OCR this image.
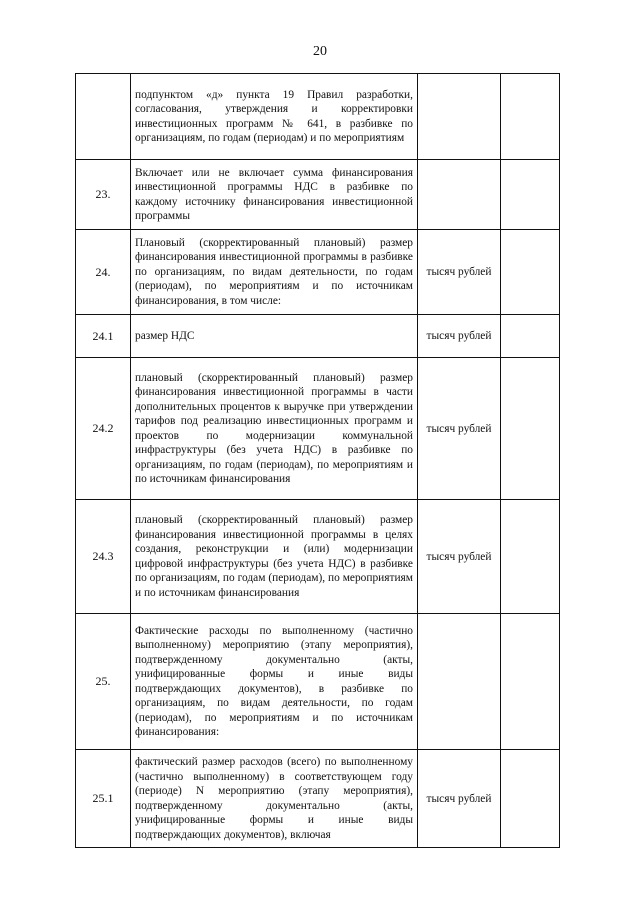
20
	подпунктом «д» пункта 19 Правил разработки, согласования, утверждения и корректировки инвестиционных программ № 641, в разбивке по организациям, по годам (периодам) и по мероприятиям		
23.	Включает или не включает сумма финансирования инвестиционной программы НДС в разбивке по каждому источнику финансирования инвестиционной программы		
24.	Плановый (скорректированный плановый) размер финансирования инвестиционной программы в разбивке по организациям, по видам деятельности, по годам (периодам), по мероприятиям и по источникам финансирования, в том числе:	тысяч рублей	
24.1	размер НДС	тысяч рублей	
24.2	плановый (скорректированный плановый) размер финансирования инвестиционной программы в части дополнительных процентов к выручке при утверждении тарифов под реализацию инвестиционных программ и проектов по модернизации коммунальной инфраструктуры (без учета НДС) в разбивке по организациям, по годам (периодам), по мероприятиям и по источникам финансирования	тысяч рублей	
24.3	плановый (скорректированный плановый) размер финансирования инвестиционной программы в целях создания, реконструкции и (или) модернизации цифровой инфраструктуры (без учета НДС) в разбивке по организациям, по годам (периодам), по мероприятиям и по источникам финансирования	тысяч рублей	
25.	Фактические расходы по выполненному (частично выполненному) мероприятию (этапу мероприятия), подтвержденному документально (акты, унифицированные формы и иные виды подтверждающих документов), в разбивке по организациям, по видам деятельности, по годам (периодам), по мероприятиям и по источникам финансирования:		
25.1	фактический размер расходов (всего) по выполненному (частично выполненному) в соответствующем году (периоде) N мероприятию (этапу мероприятия), подтвержденному документально (акты, унифицированные формы и иные виды подтверждающих документов), включая	тысяч рублей	
